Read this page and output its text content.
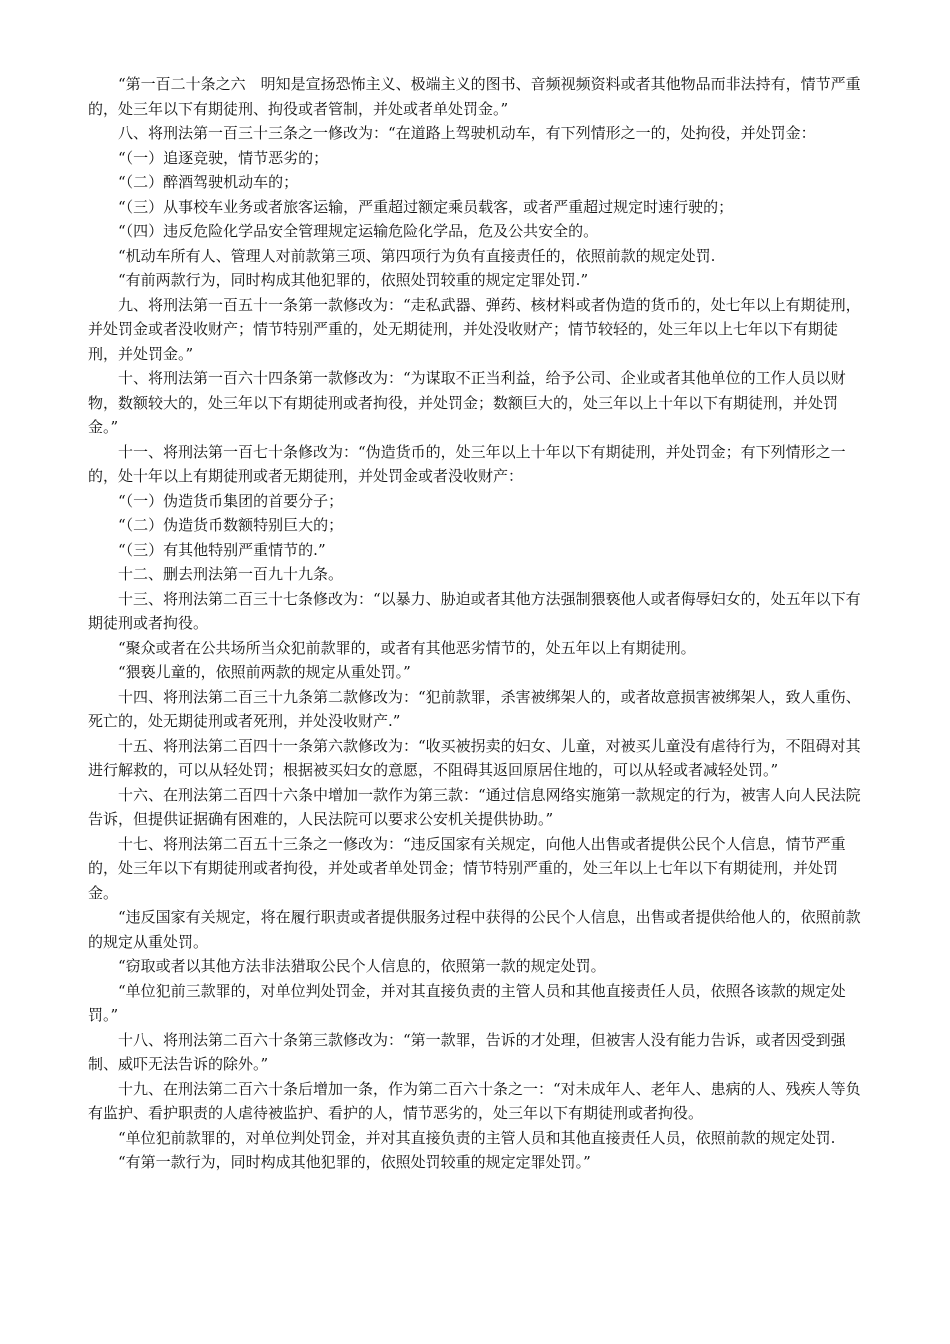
“第一百二十条之六　明知是宣扬恐怖主义、极端主义的图书、音频视频资料或者其他物品而非法持有，情节严重的，处三年以下有期徒刑、拘役或者管制，并处或者单处罚金。”

八、将刑法第一百三十三条之一修改为：“在道路上驾驶机动车，有下列情形之一的，处拘役，并处罚金：

“（一）追逐竞驶，情节恶劣的；

“（二）醉酒驾驶机动车的；

“（三）从事校车业务或者旅客运输，严重超过额定乘员载客，或者严重超过规定时速行驶的；

“（四）违反危险化学品安全管理规定运输危险化学品，危及公共安全的。

“机动车所有人、管理人对前款第三项、第四项行为负有直接责任的，依照前款的规定处罚.

“有前两款行为，同时构成其他犯罪的，依照处罚较重的规定定罪处罚.”

九、将刑法第一百五十一条第一款修改为：“走私武器、弹药、核材料或者伪造的货币的，处七年以上有期徒刑，并处罚金或者没收财产；情节特别严重的，处无期徒刑，并处没收财产；情节较轻的，处三年以上七年以下有期徒刑，并处罚金。”

十、将刑法第一百六十四条第一款修改为：“为谋取不正当利益，给予公司、企业或者其他单位的工作人员以财物，数额较大的，处三年以下有期徒刑或者拘役，并处罚金；数额巨大的，处三年以上十年以下有期徒刑，并处罚金。”

十一、将刑法第一百七十条修改为：“伪造货币的，处三年以上十年以下有期徒刑，并处罚金；有下列情形之一的，处十年以上有期徒刑或者无期徒刑，并处罚金或者没收财产：

“（一）伪造货币集团的首要分子；

“（二）伪造货币数额特别巨大的；

“（三）有其他特别严重情节的.”

十二、删去刑法第一百九十九条。

十三、将刑法第二百三十七条修改为：“以暴力、胁迫或者其他方法强制猥亵他人或者侮辱妇女的，处五年以下有期徒刑或者拘役。

“聚众或者在公共场所当众犯前款罪的，或者有其他恶劣情节的，处五年以上有期徒刑。

“猥亵儿童的，依照前两款的规定从重处罚。”

十四、将刑法第二百三十九条第二款修改为：“犯前款罪，杀害被绑架人的，或者故意损害被绑架人，致人重伤、死亡的，处无期徒刑或者死刑，并处没收财产.”

十五、将刑法第二百四十一条第六款修改为：“收买被拐卖的妇女、儿童，对被买儿童没有虐待行为，不阻碍对其进行解救的，可以从轻处罚；根据被买妇女的意愿，不阻碍其返回原居住地的，可以从轻或者减轻处罚。”

十六、在刑法第二百四十六条中增加一款作为第三款：“通过信息网络实施第一款规定的行为，被害人向人民法院告诉，但提供证据确有困难的，人民法院可以要求公安机关提供协助。”

十七、将刑法第二百五十三条之一修改为：“违反国家有关规定，向他人出售或者提供公民个人信息，情节严重的，处三年以下有期徒刑或者拘役，并处或者单处罚金；情节特别严重的，处三年以上七年以下有期徒刑，并处罚金。

“违反国家有关规定，将在履行职责或者提供服务过程中获得的公民个人信息，出售或者提供给他人的，依照前款的规定从重处罚。

“窃取或者以其他方法非法猎取公民个人信息的，依照第一款的规定处罚。

“单位犯前三款罪的，对单位判处罚金，并对其直接负责的主管人员和其他直接责任人员，依照各该款的规定处罚。”

十八、将刑法第二百六十条第三款修改为：“第一款罪，告诉的才处理，但被害人没有能力告诉，或者因受到强制、威吓无法告诉的除外。”

十九、在刑法第二百六十条后增加一条，作为第二百六十条之一：“对未成年人、老年人、患病的人、残疾人等负有监护、看护职责的人虐待被监护、看护的人，情节恶劣的，处三年以下有期徒刑或者拘役。

“单位犯前款罪的，对单位判处罚金，并对其直接负责的主管人员和其他直接责任人员，依照前款的规定处罚.

“有第一款行为，同时构成其他犯罪的，依照处罚较重的规定定罪处罚。”
